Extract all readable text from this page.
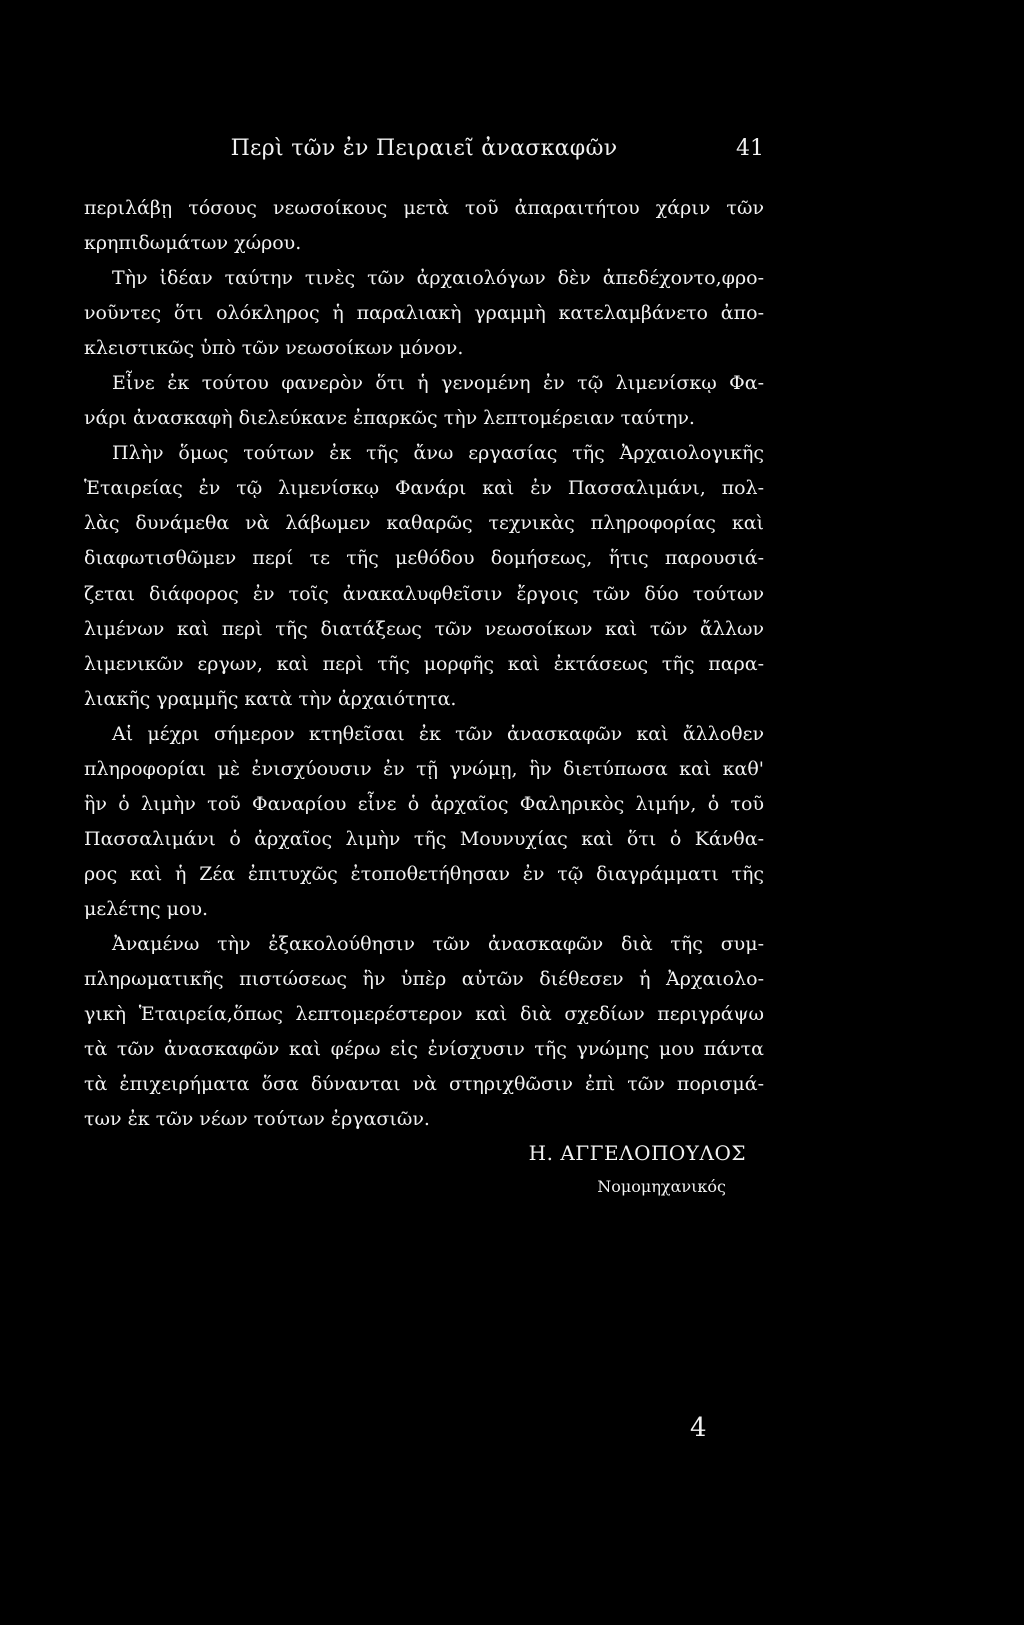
Περὶ τῶν ἐν Πειραιεῖ ἀνασκαφῶν	41
περιλάβῃ τόσους νεωσοίκους μετὰ τοῦ ἀπαραιτήτου χάριν τῶν
κρηπιδωμάτων χώρου.
Τὴν ἰδέαν ταύτην τινὲς τῶν ἀρχαιολόγων δὲν ἀπεδέχοντο,φρο-
νοῦντες ὅτι ολόκληρος ἡ παραλιακὴ γραμμὴ κατελαμβάνετο ἀπο-
κλειστικῶς ὑπὸ τῶν νεωσοίκων μόνον.
Εἶνε ἐκ τούτου φανερὸν ὅτι ἡ γενομένη ἐν τῷ λιμενίσκῳ Φα-
νάρι ἀνασκαφὴ διελεύκανε ἐπαρκῶς τὴν λεπτομέρειαν ταύτην.
Πλὴν ὅμως τούτων ἐκ τῆς ἄνω εργασίας τῆς Ἀρχαιολογικῆς
Ἑταιρείας ἐν τῷ λιμενίσκῳ Φανάρι καὶ ἐν Πασσαλιμάνι, πολ-
λὰς δυνάμεθα νὰ λάβωμεν καθαρῶς τεχνικὰς πληροφορίας καὶ
διαφωτισθῶμεν περί τε τῆς μεθόδου δομήσεως, ἥτις παρουσιά-
ζεται διάφορος ἐν τοῖς ἀνακαλυφθεῖσιν ἔργοις τῶν δύο τούτων
λιμένων καὶ περὶ τῆς διατάξεως τῶν νεωσοίκων καὶ τῶν ἄλλων
λιμενικῶν εργων, καὶ περὶ τῆς μορφῆς καὶ ἐκτάσεως τῆς παρα-
λιακῆς γραμμῆς κατὰ τὴν ἀρχαιότητα.
Αἱ μέχρι σήμερον κτηθεῖσαι ἐκ τῶν ἀνασκαφῶν καὶ ἄλλοθεν
πληροφορίαι μὲ ἐνισχύουσιν ἐν τῇ γνώμῃ, ἣν διετύπωσα καὶ καθ'
ἣν ὁ λιμὴν τοῦ Φαναρίου εἶνε ὁ ἀρχαῖος Φαληρικὸς λιμήν, ὁ τοῦ
Πασσαλιμάνι ὁ ἀρχαῖος λιμὴν τῆς Μουνυχίας καὶ ὅτι ὁ Κάνθα-
ρος καὶ ἡ Ζέα ἐπιτυχῶς ἐτοποθετήθησαν ἐν τῷ διαγράμματι τῆς
μελέτης μου.
Ἀναμένω τὴν ἐξακολούθησιν τῶν ἀνασκαφῶν διὰ τῆς συμ-
πληρωματικῆς πιστώσεως ἣν ὑπὲρ αὐτῶν διέθεσεν ἡ Ἀρχαιολο-
γικὴ Ἑταιρεία,ὅπως λεπτομερέστερον καὶ διὰ σχεδίων περιγράψω
τὰ τῶν ἀνασκαφῶν καὶ φέρω εἰς ἐνίσχυσιν τῆς γνώμης μου πάντα
τὰ ἐπιχειρήματα ὅσα δύνανται νὰ στηριχθῶσιν ἐπὶ τῶν πορισμά-
των ἐκ τῶν νέων τούτων ἐργασιῶν.
Η. ΑΓΓΕΛΟΠΟΥΛΟΣ
Νομομηχανικός
4
